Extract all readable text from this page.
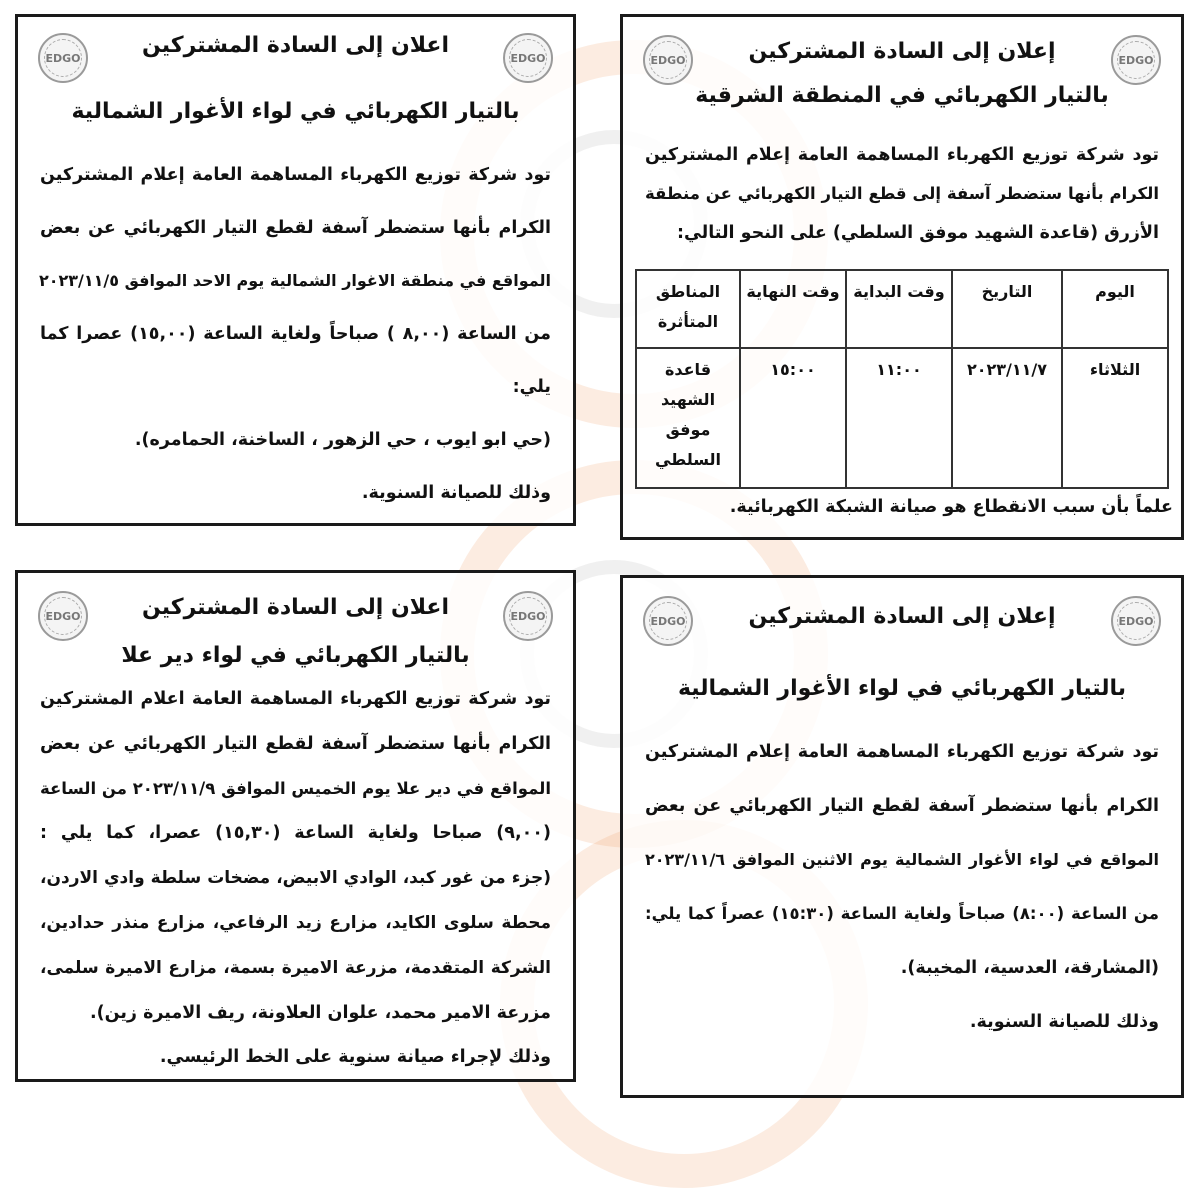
EDGO
EDGO	إعلان إلى السادة المشتركين
بالتيار الكهربائي في المنطقة الشرقية
اليوم	التاريخ	وقت البداية	وقت النهاية	المناطق المتأثرة
الثلاثاء	٢٠٢٣/١١/٧	١١:٠٠	١٥:٠٠	قاعدة الشهيد موفق السلطي
علماً بأن سبب الانقطاع هو صيانة الشبكة الكهربائية.
تود شركة توزيع الكهرباء المساهمة العامة إعلام المشتركين
الكرام بأنها ستضطر آسفة إلى قطع التيار الكهربائي عن منطقة
الأزرق (قاعدة الشهيد موفق السلطي) على النحو التالي:
EDGO
EDGO	اعلان إلى السادة المشتركين
بالتيار الكهربائي في لواء الأغوار الشمالية
تود شركة توزيع الكهرباء المساهمة العامة إعلام المشتركين
الكرام بأنها ستضطر آسفة لقطع التيار الكهربائي عن بعض
المواقع في منطقة الاغوار الشمالية يوم الاحد الموافق ٢٠٢٣/١١/٥
من الساعة (٨,٠٠ ) صباحاً ولغاية الساعة (١٥,٠٠) عصرا كما
يلي:
(حي ابو ايوب ، حي الزهور ، الساخنة، الحمامره).
وذلك للصيانة السنوية.
EDGO
EDGO	اعلان إلى السادة المشتركين
بالتيار الكهربائي في لواء دير علا
تود شركة توزيع الكهرباء المساهمة العامة اعلام المشتركين
الكرام بأنها ستضطر آسفة لقطع التيار الكهربائي عن بعض
المواقع في دير علا يوم الخميس الموافق ٢٠٢٣/١١/٩ من الساعة
(٩,٠٠) صباحا ولغاية الساعة (١٥,٣٠) عصرا، كما يلي :
(جزء من غور كبد، الوادي الابيض، مضخات سلطة وادي الاردن،
محطة سلوى الكايد، مزارع زيد الرفاعي، مزارع منذر حدادين،
الشركة المتقدمة، مزرعة الاميرة بسمة، مزارع الاميرة سلمى،
مزرعة الامير محمد، علوان العلاونة، ريف الاميرة زين).
وذلك لإجراء صيانة سنوية على الخط الرئيسي.
EDGO
EDGO	إعلان إلى السادة المشتركين
بالتيار الكهربائي في لواء الأغوار الشمالية
تود شركة توزيع الكهرباء المساهمة العامة إعلام المشتركين
الكرام بأنها ستضطر آسفة لقطع التيار الكهربائي عن بعض
المواقع في لواء الأغوار الشمالية يوم الاثنين الموافق ٢٠٢٣/١١/٦
من الساعة (٨:٠٠) صباحاً ولغاية الساعة (١٥:٣٠) عصراً كما يلي:
(المشارقة، العدسية، المخيبة).
وذلك للصيانة السنوية.
